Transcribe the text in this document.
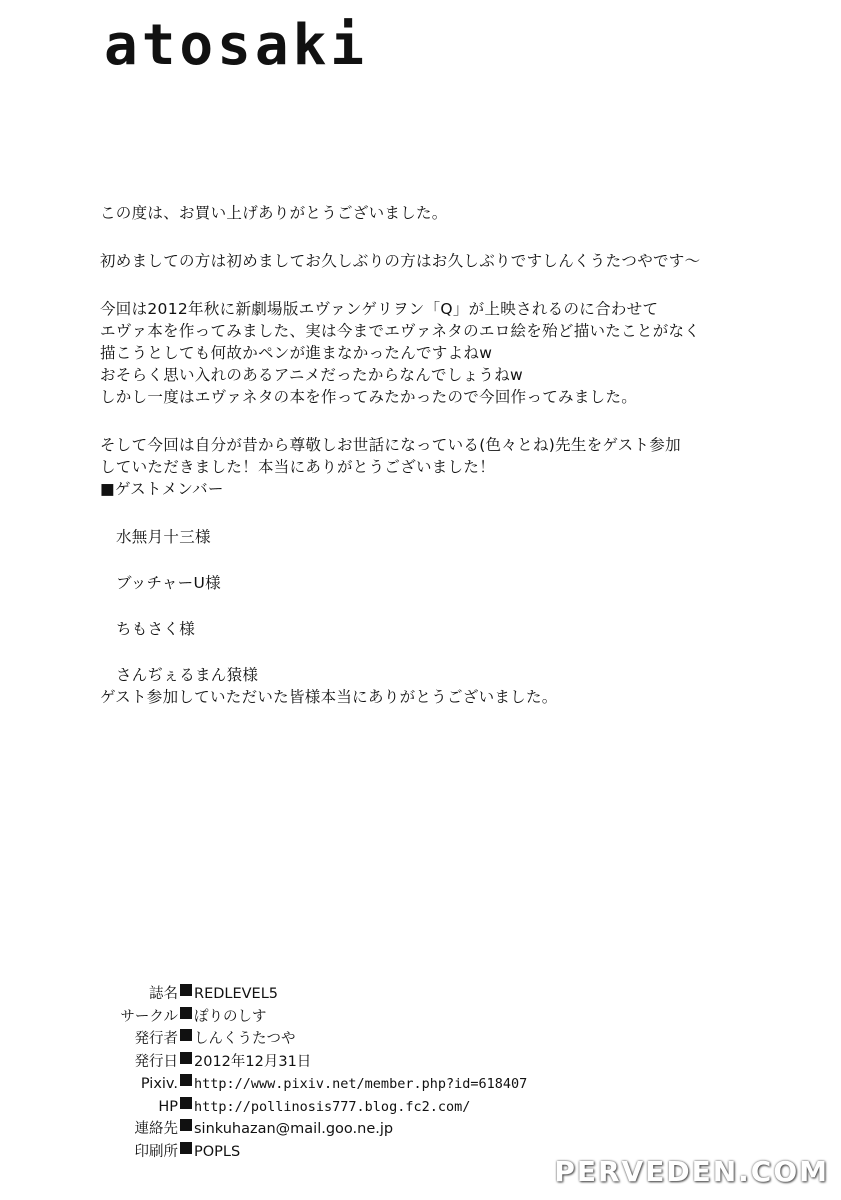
atosaki

この度は、お買い上げありがとうございました。

初めましての方は初めましてお久しぶりの方はお久しぶりですしんくうたつやです〜

今回は2012年秋に新劇場版エヴァンゲリヲン「Q」が上映されるのに合わせて

エヴァ本を作ってみました、実は今までエヴァネタのエロ絵を殆ど描いたことがなく

描こうとしても何故かペンが進まなかったんですよねw

おそらく思い入れのあるアニメだったからなんでしょうねw

しかし一度はエヴァネタの本を作ってみたかったので今回作ってみました。

そして今回は自分が昔から尊敬しお世話になっている(色々とね)先生をゲスト参加

していただきました！本当にありがとうございました！

■ゲストメンバー

水無月十三様
ブッチャーU様
ちもさく様
さんぢぇるまん猿様

ゲスト参加していただいた皆様本当にありがとうございました。

誌名 REDLEVEL5
サークル ぽりのしす
発行者 しんくうたつや
発行日 2012年12月31日
Pixiv. http://www.pixiv.net/member.php?id=618407
HP http://pollinosis777.blog.fc2.com/
連絡先 sinkuhazan@mail.goo.ne.jp
印刷所 POPLS
PERVEDEN.COM
